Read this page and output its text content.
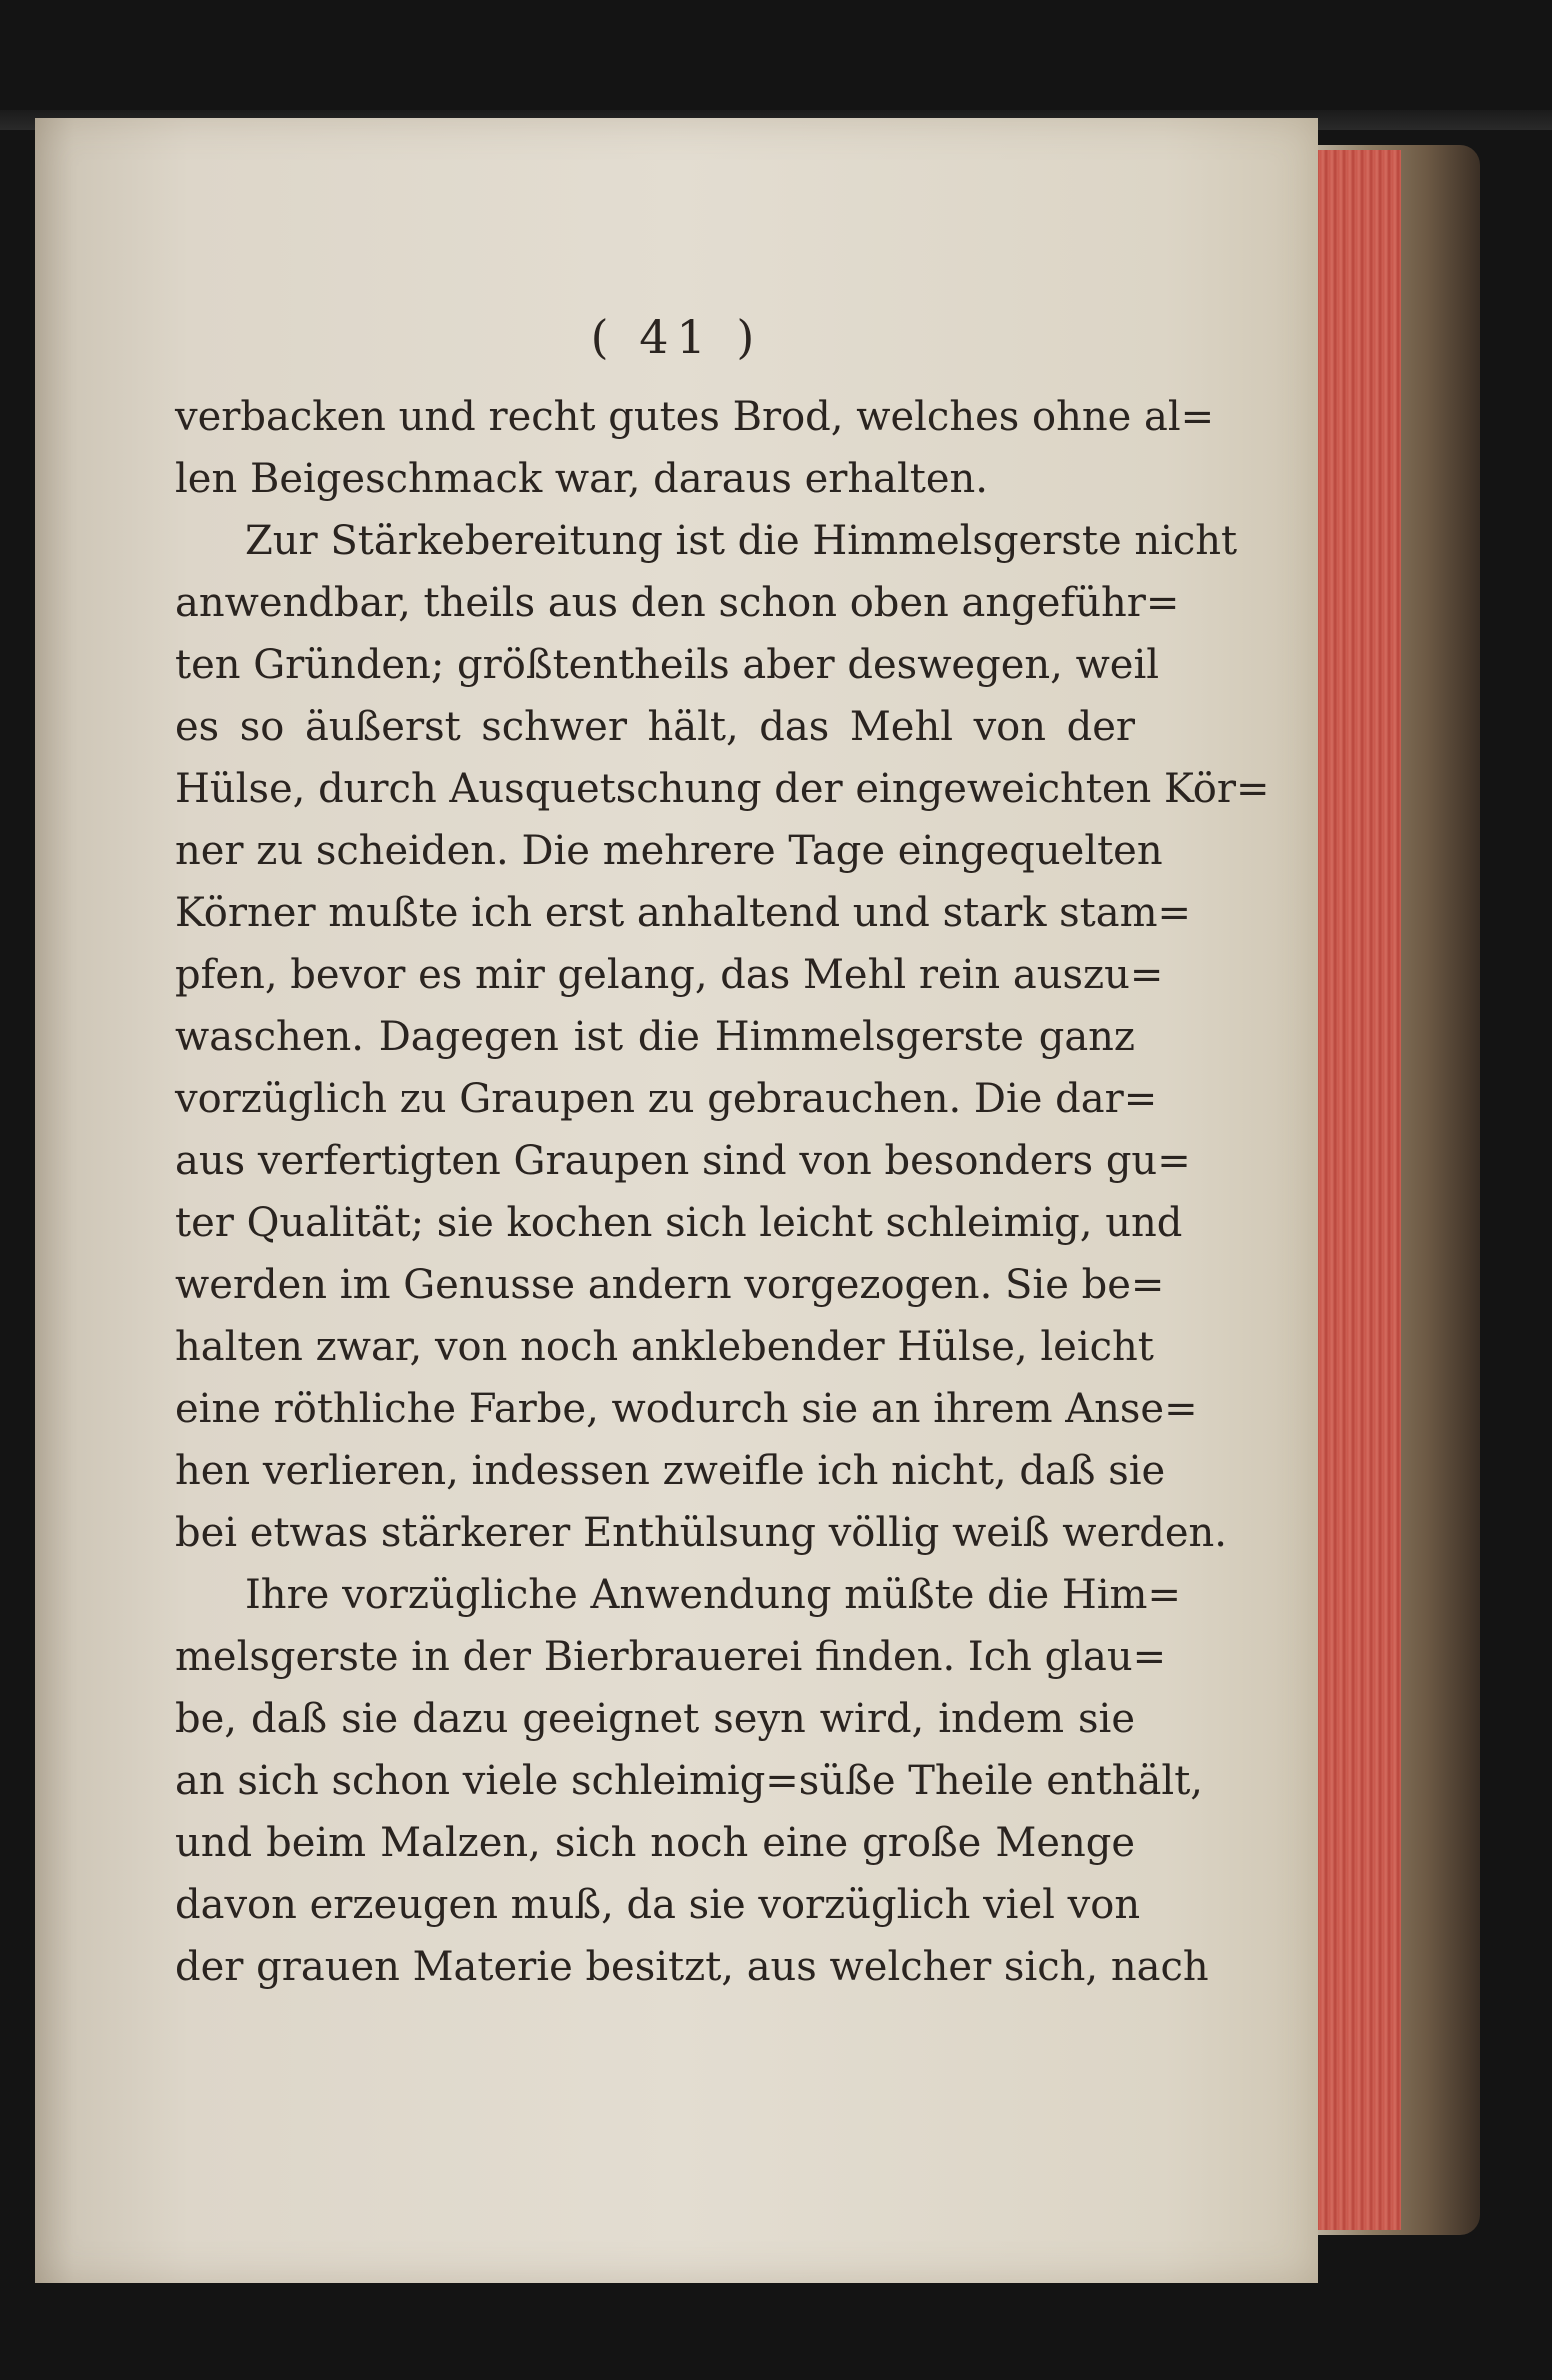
( 41 )
verbacken und recht gutes Brod, welches ohne al=
len Beigeschmack war, daraus erhalten.
Zur Stärkebereitung ist die Himmelsgerste nicht
anwendbar, theils aus den schon oben angeführ=
ten Gründen; größtentheils aber deswegen, weil
es so äußerst schwer hält, das Mehl von der
Hülse, durch Ausquetschung der eingeweichten Kör=
ner zu scheiden. Die mehrere Tage eingequelten
Körner mußte ich erst anhaltend und stark stam=
pfen, bevor es mir gelang, das Mehl rein auszu=
waschen. Dagegen ist die Himmelsgerste ganz
vorzüglich zu Graupen zu gebrauchen. Die dar=
aus verfertigten Graupen sind von besonders gu=
ter Qualität; sie kochen sich leicht schleimig, und
werden im Genusse andern vorgezogen. Sie be=
halten zwar, von noch anklebender Hülse, leicht
eine röthliche Farbe, wodurch sie an ihrem Anse=
hen verlieren, indessen zweifle ich nicht, daß sie
bei etwas stärkerer Enthülsung völlig weiß werden.
Ihre vorzügliche Anwendung müßte die Him=
melsgerste in der Bierbrauerei finden. Ich glau=
be, daß sie dazu geeignet seyn wird, indem sie
an sich schon viele schleimig=süße Theile enthält,
und beim Malzen, sich noch eine große Menge
davon erzeugen muß, da sie vorzüglich viel von
der grauen Materie besitzt, aus welcher sich, nach
